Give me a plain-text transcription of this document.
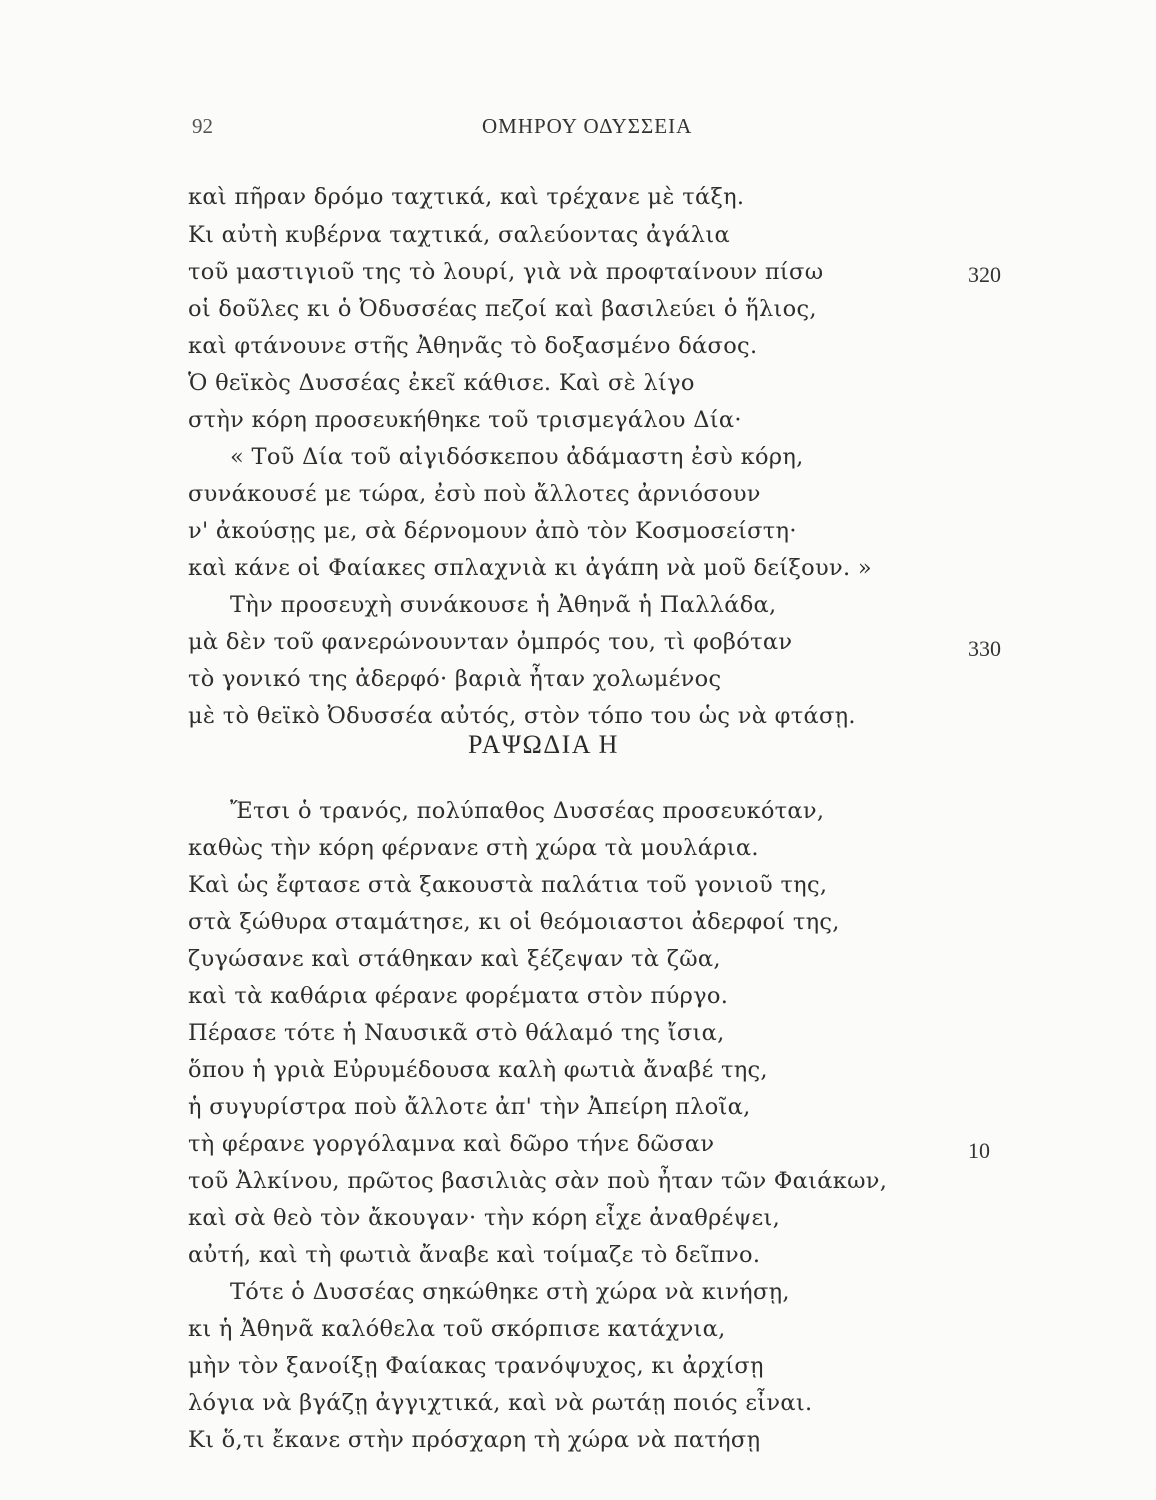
92	ΟΜΗΡΟΥ ΟΔΥΣΣΕΙΑ
καὶ πῆραν δρόμο ταχτικά, καὶ τρέχανε μὲ τάξη.
Κι αὐτὴ κυβέρνα ταχτικά, σαλεύοντας ἀγάλια
τοῦ μαστιγιοῦ της τὸ λουρί, γιὰ νὰ προφταίνουν πίσω
οἱ δοῦλες κι ὁ Ὀδυσσέας πεζοί καὶ βασιλεύει ὁ ἥλιος,
καὶ φτάνουνε στῆς Ἀθηνᾶς τὸ δοξασμένο δάσος.
Ὁ θεϊκὸς Δυσσέας ἐκεῖ κάθισε. Καὶ σὲ λίγο
στὴν κόρη προσευκήθηκε τοῦ τρισμεγάλου Δία·
« Τοῦ Δία τοῦ αἰγιδόσκεπου ἀδάμαστη ἐσὺ κόρη,
συνάκουσέ με τώρα, ἐσὺ ποὺ ἄλλοτες ἀρνιόσουν
ν' ἀκούσῃς με, σὰ δέρνομουν ἀπὸ τὸν Κοσμοσείστη·
καὶ κάνε οἱ Φαίακες σπλαχνιὰ κι ἀγάπη νὰ μοῦ δείξουν. »
Τὴν προσευχὴ συνάκουσε ἡ Ἀθηνᾶ ἡ Παλλάδα,
μὰ δὲν τοῦ φανερώνουνταν ὀμπρός του, τὶ φοβόταν
τὸ γονικό της ἀδερφό· βαριὰ ἦταν χολωμένος
μὲ τὸ θεϊκὸ Ὀδυσσέα αὐτός, στὸν τόπο του ὡς νὰ φτάσῃ.
320
330
ΡΑΨΩΔΙΑ Η
Ἔτσι ὁ τρανός, πολύπαθος Δυσσέας προσευκόταν,
καθὼς τὴν κόρη φέρνανε στὴ χώρα τὰ μουλάρια.
Καὶ ὡς ἔφτασε στὰ ξακουστὰ παλάτια τοῦ γονιοῦ της,
στὰ ξώθυρα σταμάτησε, κι οἱ θεόμοιαστοι ἀδερφοί της,
ζυγώσανε καὶ στάθηκαν καὶ ξέζεψαν τὰ ζῶα,
καὶ τὰ καθάρια φέρανε φορέματα στὸν πύργο.
Πέρασε τότε ἡ Ναυσικᾶ στὸ θάλαμό της ἴσια,
ὅπου ἡ γριὰ Εὐρυμέδουσα καλὴ φωτιὰ ἄναβέ της,
ἡ συγυρίστρα ποὺ ἄλλοτε ἀπ' τὴν Ἀπείρη πλοῖα,
τὴ φέρανε γοργόλαμνα καὶ δῶρο τήνε δῶσαν
τοῦ Ἀλκίνου, πρῶτος βασιλιὰς σὰν ποὺ ἦταν τῶν Φαιάκων,
καὶ σὰ θεὸ τὸν ἄκουγαν· τὴν κόρη εἶχε ἀναθρέψει,
αὐτή, καὶ τὴ φωτιὰ ἄναβε καὶ τοίμαζε τὸ δεῖπνο.
Τότε ὁ Δυσσέας σηκώθηκε στὴ χώρα νὰ κινήσῃ,
κι ἡ Ἀθηνᾶ καλόθελα τοῦ σκόρπισε κατάχνια,
μὴν τὸν ξανοίξῃ Φαίακας τρανόψυχος, κι ἀρχίσῃ
λόγια νὰ βγάζῃ ἀγγιχτικά, καὶ νὰ ρωτάῃ ποιός εἶναι.
Κι ὅ,τι ἔκανε στὴν πρόσχαρη τὴ χώρα νὰ πατήσῃ
10
